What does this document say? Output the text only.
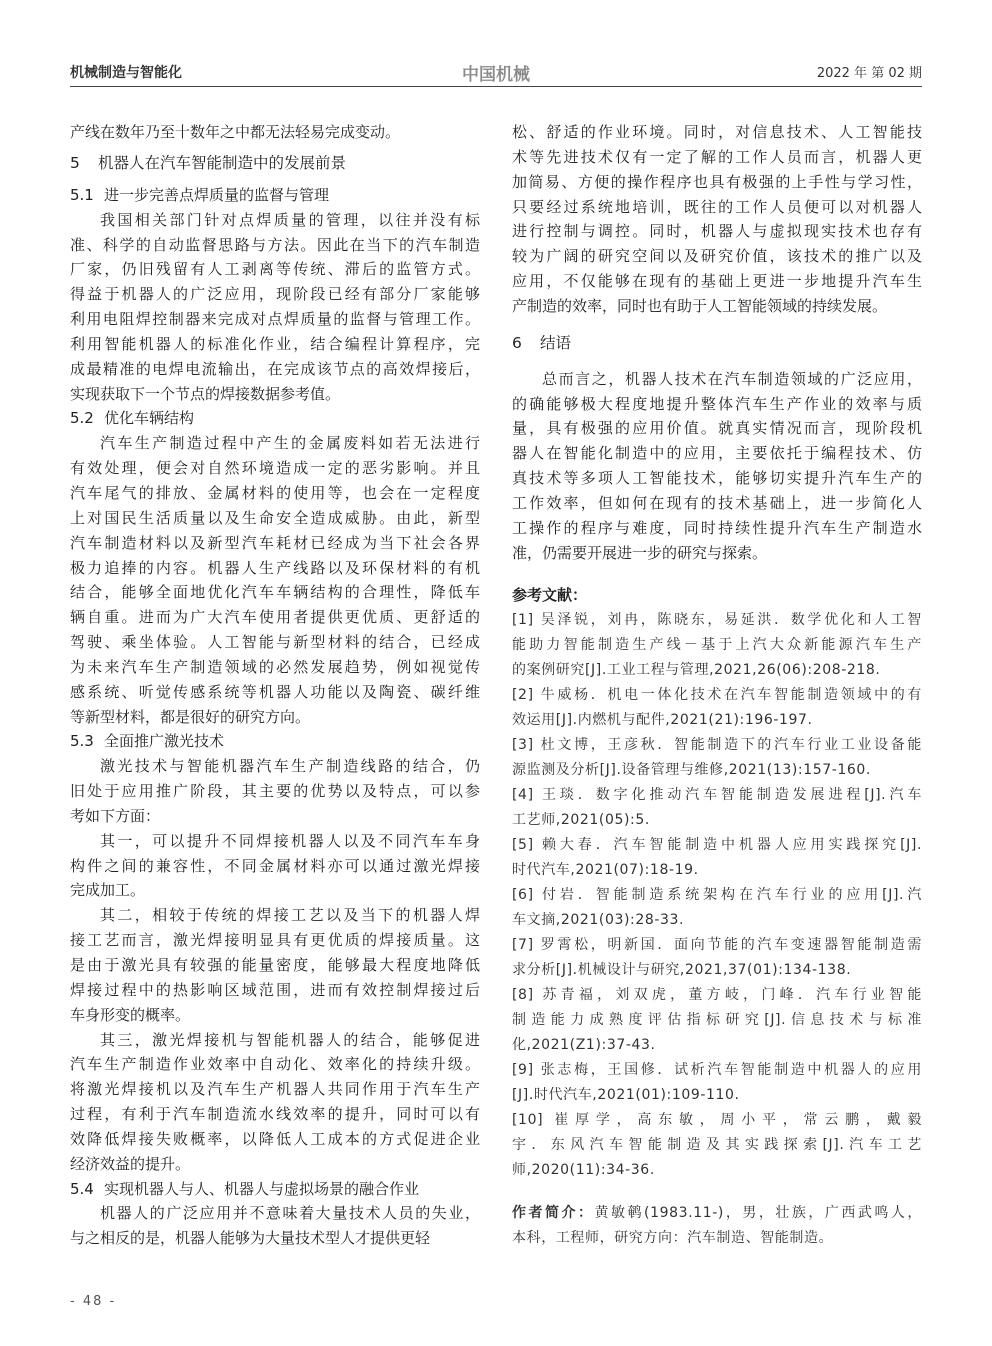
机械制造与智能化	中国机械	2022 年 第 02 期
产线在数年乃至十数年之中都无法轻易完成变动。
5 机器人在汽车智能制造中的发展前景
5.1 进一步完善点焊质量的监督与管理
我国相关部门针对点焊质量的管理，以往并没有标
准、科学的自动监督思路与方法。因此在当下的汽车制造
厂家，仍旧残留有人工剥离等传统、滞后的监管方式。
得益于机器人的广泛应用，现阶段已经有部分厂家能够
利用电阻焊控制器来完成对点焊质量的监督与管理工作。
利用智能机器人的标准化作业，结合编程计算程序，完
成最精准的电焊电流输出，在完成该节点的高效焊接后，
实现获取下一个节点的焊接数据参考值。
5.2 优化车辆结构
汽车生产制造过程中产生的金属废料如若无法进行
有效处理，便会对自然环境造成一定的恶劣影响。并且
汽车尾气的排放、金属材料的使用等，也会在一定程度
上对国民生活质量以及生命安全造成威胁。由此，新型
汽车制造材料以及新型汽车耗材已经成为当下社会各界
极力追捧的内容。机器人生产线路以及环保材料的有机
结合，能够全面地优化汽车车辆结构的合理性，降低车
辆自重。进而为广大汽车使用者提供更优质、更舒适的
驾驶、乘坐体验。人工智能与新型材料的结合，已经成
为未来汽车生产制造领域的必然发展趋势，例如视觉传
感系统、听觉传感系统等机器人功能以及陶瓷、碳纤维
等新型材料，都是很好的研究方向。
5.3 全面推广激光技术
激光技术与智能机器汽车生产制造线路的结合，仍
旧处于应用推广阶段，其主要的优势以及特点，可以参
考如下方面：
其一，可以提升不同焊接机器人以及不同汽车车身
构件之间的兼容性，不同金属材料亦可以通过激光焊接
完成加工。
其二，相较于传统的焊接工艺以及当下的机器人焊
接工艺而言，激光焊接明显具有更优质的焊接质量。这
是由于激光具有较强的能量密度，能够最大程度地降低
焊接过程中的热影响区域范围，进而有效控制焊接过后
车身形变的概率。
其三，激光焊接机与智能机器人的结合，能够促进
汽车生产制造作业效率中自动化、效率化的持续升级。
将激光焊接机以及汽车生产机器人共同作用于汽车生产
过程，有利于汽车制造流水线效率的提升，同时可以有
效降低焊接失败概率，以降低人工成本的方式促进企业
经济效益的提升。
5.4 实现机器人与人、机器人与虚拟场景的融合作业
机器人的广泛应用并不意味着大量技术人员的失业，
与之相反的是，机器人能够为大量技术型人才提供更轻
松、舒适的作业环境。同时，对信息技术、人工智能技
术等先进技术仅有一定了解的工作人员而言，机器人更
加简易、方便的操作程序也具有极强的上手性与学习性，
只要经过系统地培训，既往的工作人员便可以对机器人
进行控制与调控。同时，机器人与虚拟现实技术也存有
较为广阔的研究空间以及研究价值，该技术的推广以及
应用，不仅能够在现有的基础上更进一步地提升汽车生
产制造的效率，同时也有助于人工智能领域的持续发展。
6 结语
总而言之，机器人技术在汽车制造领域的广泛应用，
的确能够极大程度地提升整体汽车生产作业的效率与质
量，具有极强的应用价值。就真实情况而言，现阶段机
器人在智能化制造中的应用，主要依托于编程技术、仿
真技术等多项人工智能技术，能够切实提升汽车生产的
工作效率，但如何在现有的技术基础上，进一步简化人
工操作的程序与难度，同时持续性提升汽车生产制造水
准，仍需要开展进一步的研究与探索。
参考文献：
[1] 吴泽锐，刘冉，陈晓东，易延洪．数学优化和人工智
能助力智能制造生产线－基于上汽大众新能源汽车生产
的案例研究[J].工业工程与管理,2021,26(06):208-218.
[2] 牛威杨．机电一体化技术在汽车智能制造领域中的有
效运用[J].内燃机与配件,2021(21):196-197.
[3] 杜文博，王彦秋．智能制造下的汽车行业工业设备能
源监测及分析[J].设备管理与维修,2021(13):157-160.
[4] 王琰．数字化推动汽车智能制造发展进程[J].汽车
工艺师,2021(05):5.
[5] 赖大春．汽车智能制造中机器人应用实践探究[J].
时代汽车,2021(07):18-19.
[6] 付岩．智能制造系统架构在汽车行业的应用[J].汽
车文摘,2021(03):28-33.
[7] 罗霄松，明新国．面向节能的汽车变速器智能制造需
求分析[J].机械设计与研究,2021,37(01):134-138.
[8] 苏青福，刘双虎，董方岐，门峰．汽车行业智能
制造能力成熟度评估指标研究[J].信息技术与标准
化,2021(Z1):37-43.
[9] 张志梅，王国修．试析汽车智能制造中机器人的应用
[J].时代汽车,2021(01):109-110.
[10] 崔厚学，高东敏，周小平，常云鹏，戴毅
宇．东风汽车智能制造及其实践探索[J].汽车工艺
师,2020(11):34-36.
作者简介：黄敏鹌(1983.11-)，男，壮族，广西武鸣人，
本科，工程师，研究方向：汽车制造、智能制造。
- 48 -
